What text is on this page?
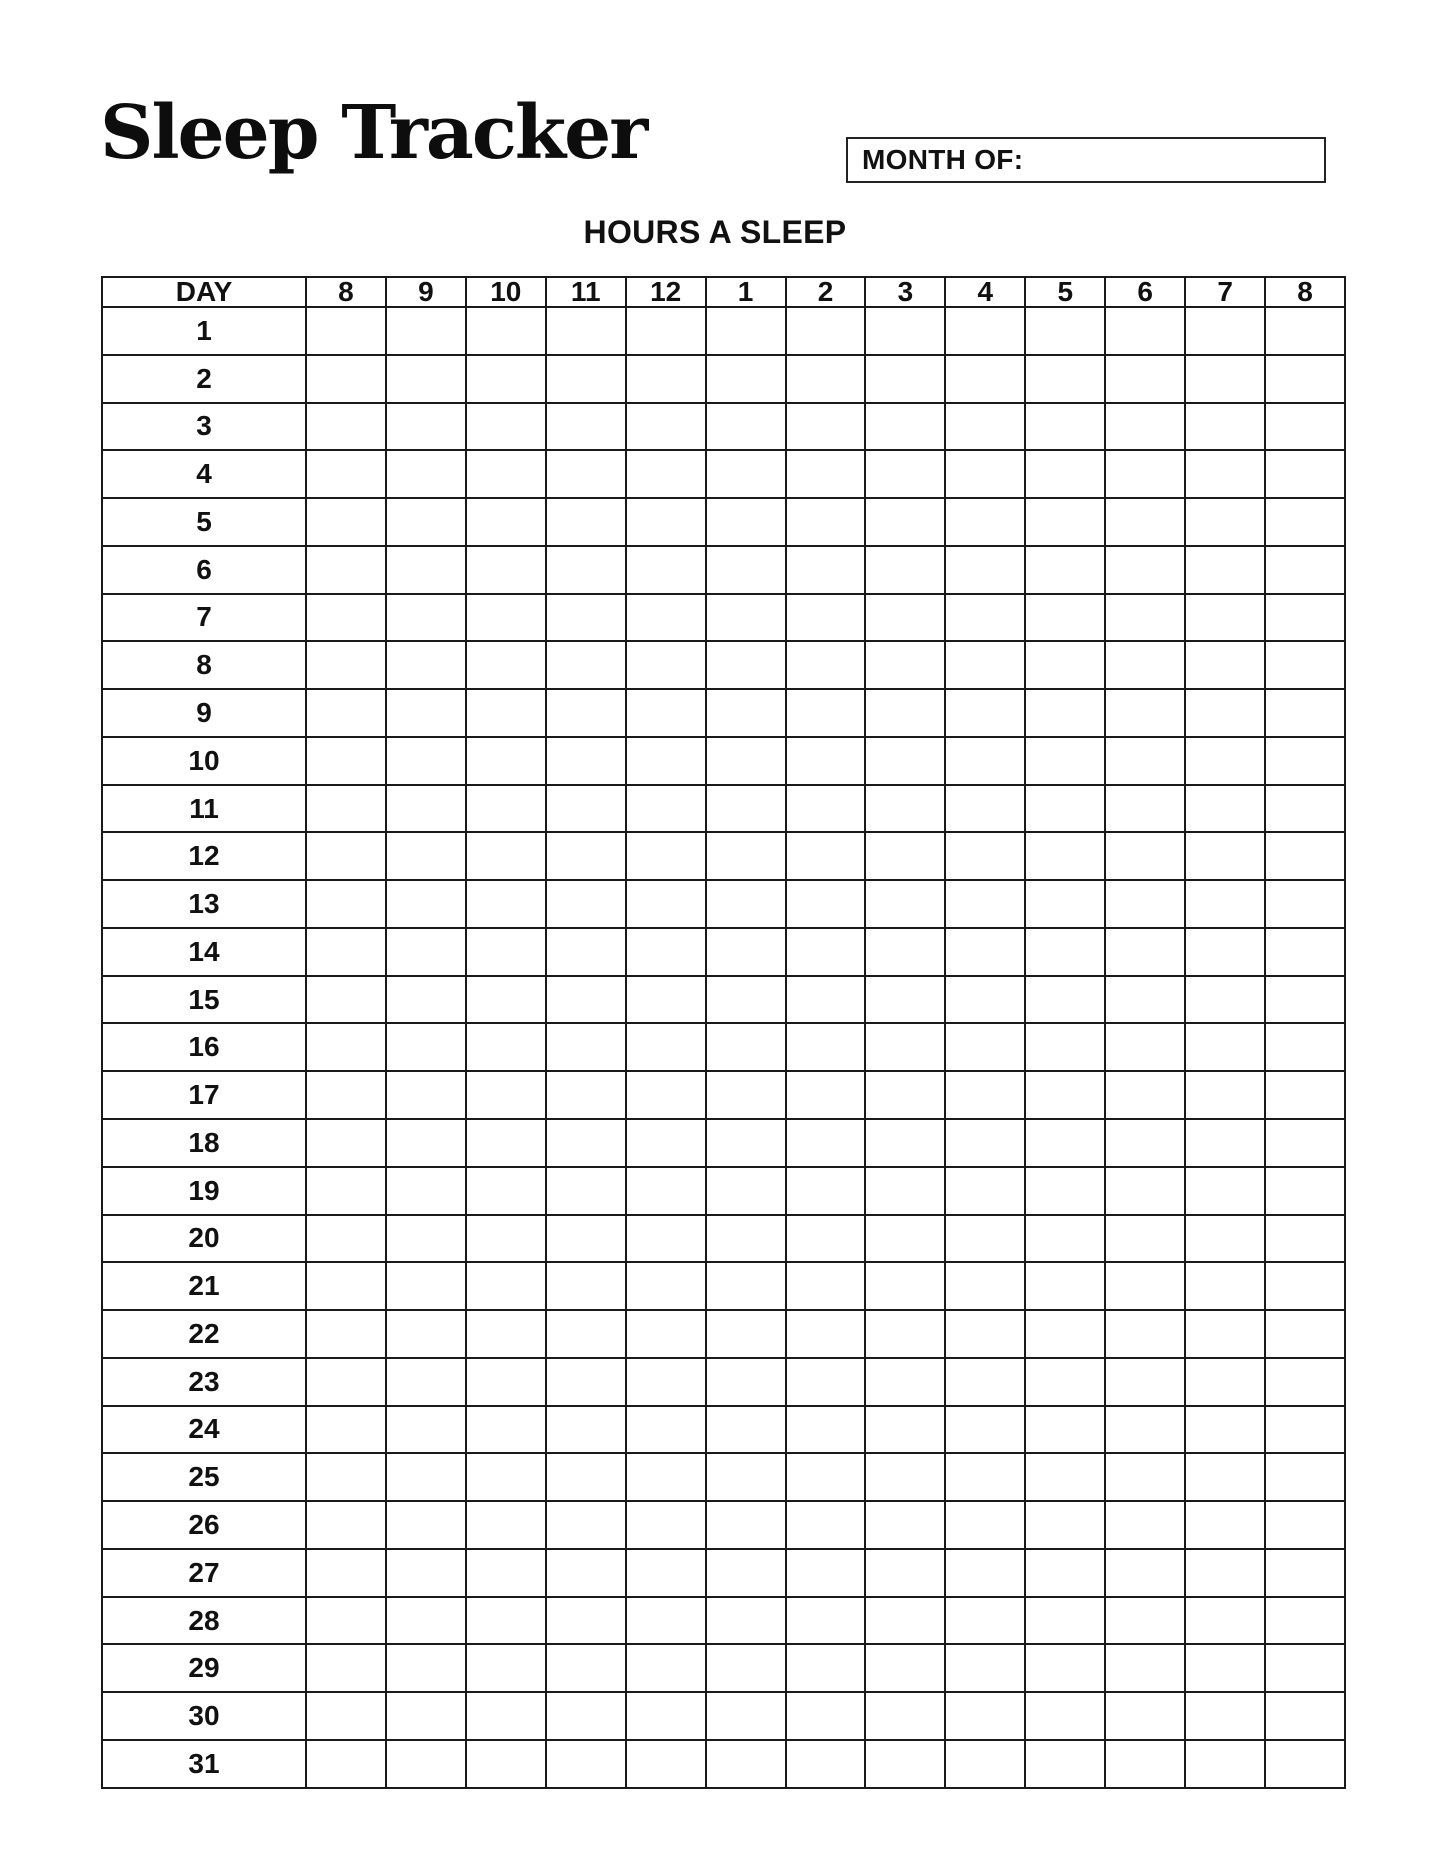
Sleep Tracker	MONTH OF:
HOURS A SLEEP
DAY	8	9	10	11	12	1	2	3	4	5	6	7	8
1													
2													
3													
4													
5													
6													
7													
8													
9													
10													
11													
12													
13													
14													
15													
16													
17													
18													
19													
20													
21													
22													
23													
24													
25													
26													
27													
28													
29													
30													
31													
